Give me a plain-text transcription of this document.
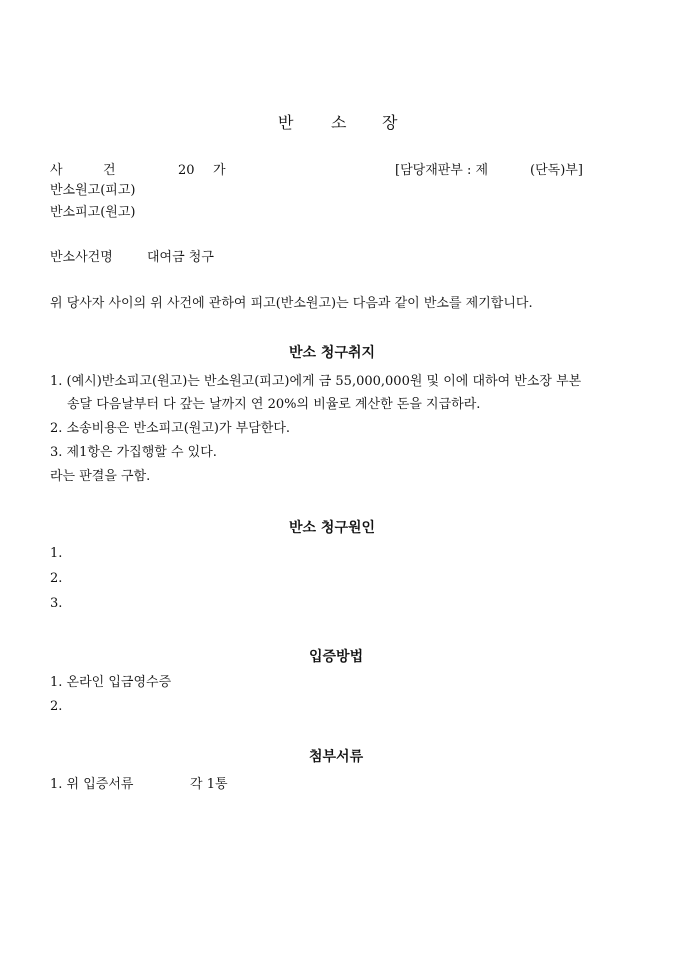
반 소 장
사	건	20 가	[담당재판부 : 제	(단독)부]
반소원고(피고)
반소피고(원고)
반소사건명	대여금 청구
위 당사자 사이의 위 사건에 관하여 피고(반소원고)는 다음과 같이 반소를 제기합니다.
반소 청구취지
1. (예시)반소피고(원고)는 반소원고(피고)에게 금 55,000,000원 및 이에 대하여 반소장 부본
송달 다음날부터 다 갚는 날까지 연 20%의 비율로 계산한 돈을 지급하라.
2. 소송비용은 반소피고(원고)가 부담한다.
3. 제1항은 가집행할 수 있다.
라는 판결을 구함.
반소 청구원인
1.
2.
3.
입증방법
1. 온라인 입금영수증
2.
첨부서류
1. 위 입증서류	각 1통
